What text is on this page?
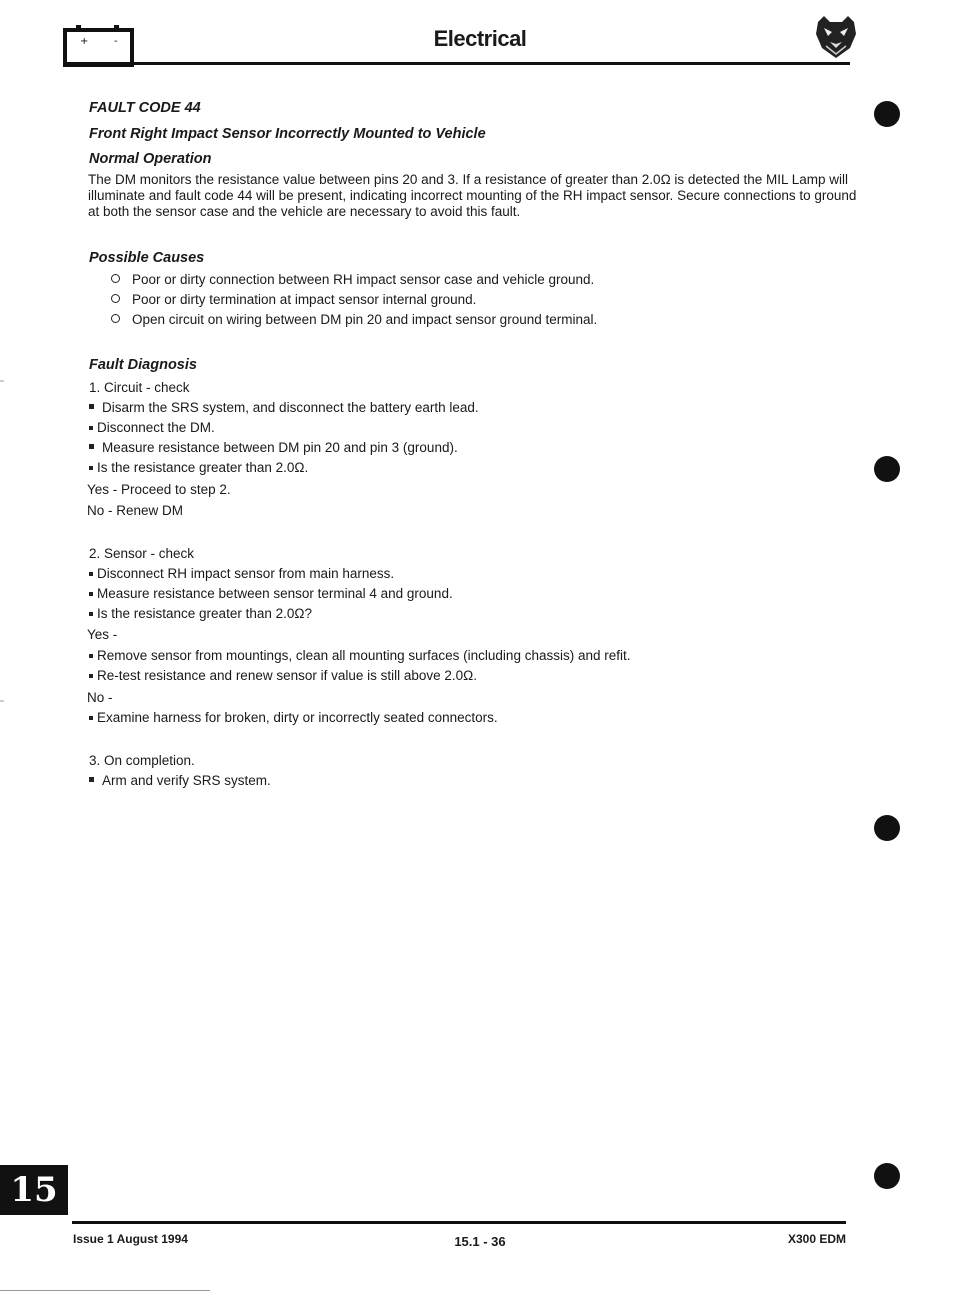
+	-	Electrical
FAULT CODE 44
Front Right Impact Sensor Incorrectly Mounted to Vehicle
Normal Operation
The DM monitors the resistance value between pins 20 and 3. If a resistance of greater than 2.0Ω is detected the MIL Lamp will illuminate and fault code 44 will be present, indicating incorrect mounting of the RH impact sensor. Secure connections to ground at both the sensor case and the vehicle are necessary to avoid this fault.
Possible Causes
Poor or dirty connection between RH impact sensor case and vehicle ground.
Poor or dirty termination at impact sensor internal ground.
Open circuit on wiring between DM pin 20 and impact sensor ground terminal.
Fault Diagnosis
1. Circuit - check
Disarm the SRS system, and disconnect the battery earth lead.
Disconnect the DM.
Measure resistance between DM pin 20 and pin 3 (ground).
Is the resistance greater than 2.0Ω.
Yes - Proceed to step 2.
No - Renew DM
2. Sensor - check
Disconnect RH impact sensor from main harness.
Measure resistance between sensor terminal 4 and ground.
Is the resistance greater than 2.0Ω?
Yes -
Remove sensor from mountings, clean all mounting surfaces (including chassis) and refit.
Re-test resistance and renew sensor if value is still above 2.0Ω.
No -
Examine harness for broken, dirty or incorrectly seated connectors.
3. On completion.
Arm and verify SRS system.
15
Issue 1 August 1994	15.1 - 36	X300 EDM
